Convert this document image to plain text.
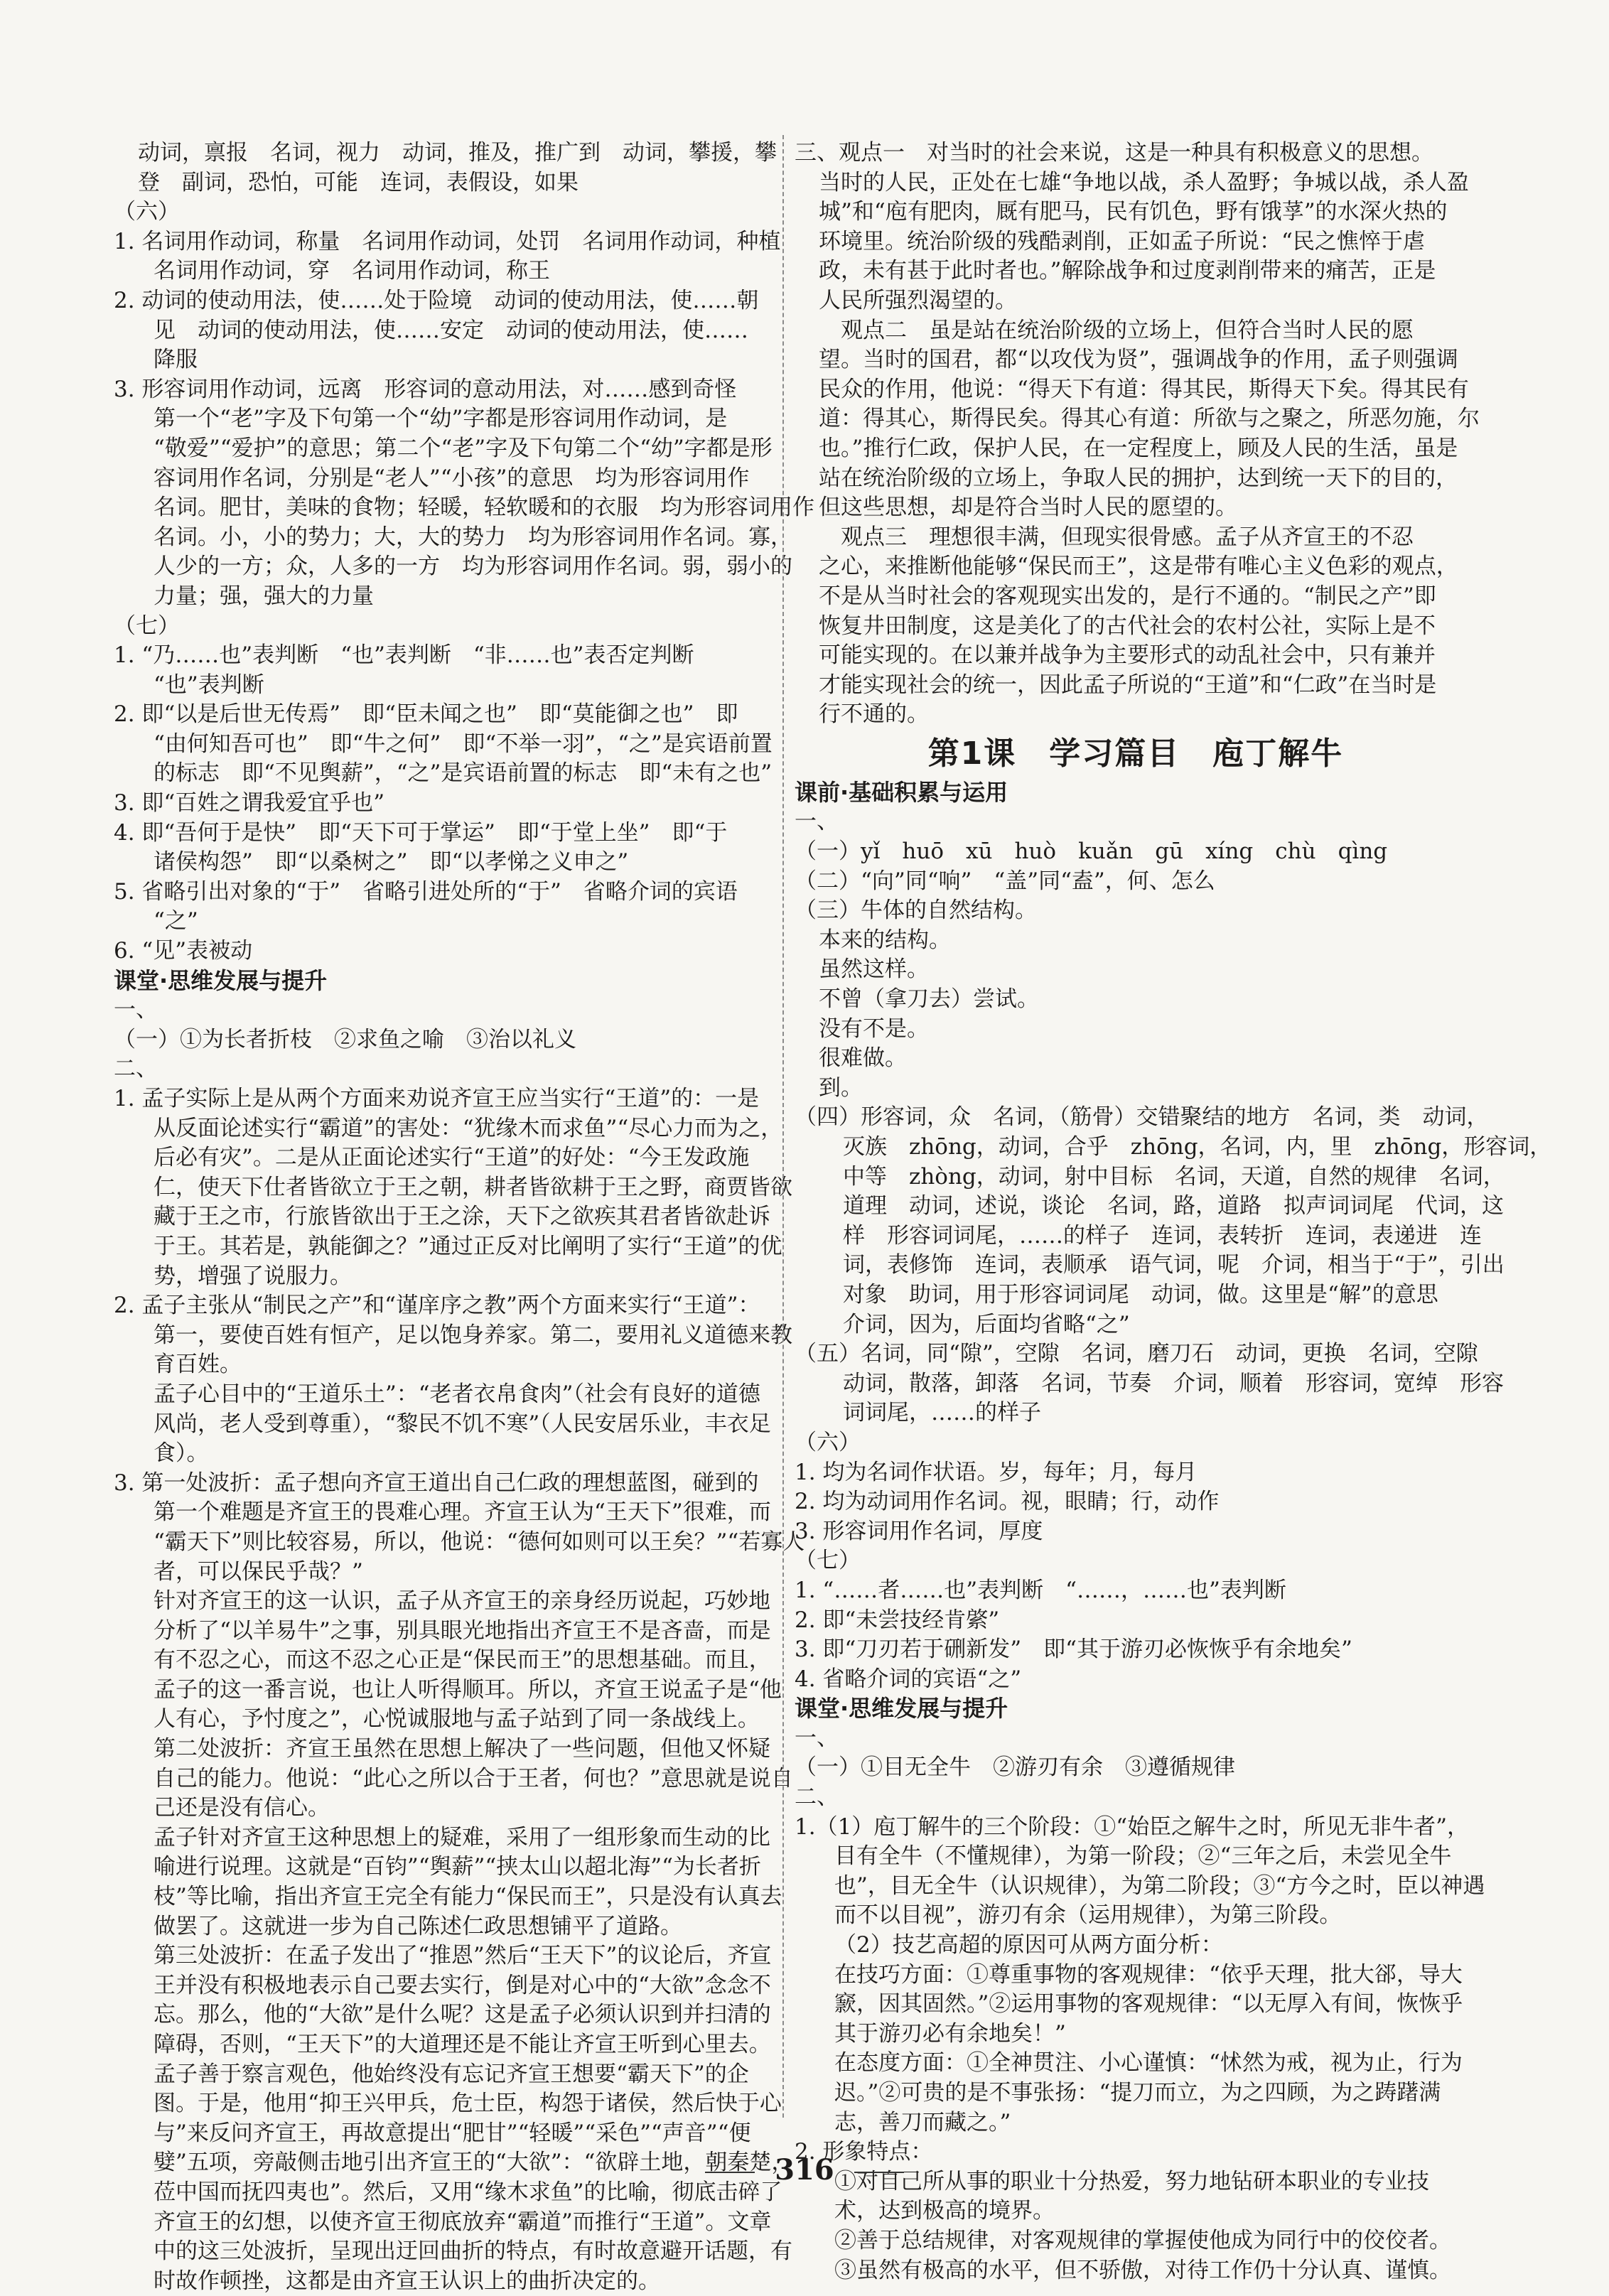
动词，禀报　名词，视力　动词，推及，推广到　动词，攀援，攀

登　副词，恐怕，可能　连词，表假设，如果

（六）

1. 名词用作动词，称量　名词用作动词，处罚　名词用作动词，种植

名词用作动词，穿　名词用作动词，称王

2. 动词的使动用法，使……处于险境　动词的使动用法，使……朝

见　动词的使动用法，使……安定　动词的使动用法，使……

降服

3. 形容词用作动词，远离　形容词的意动用法，对……感到奇怪

第一个“老”字及下句第一个“幼”字都是形容词用作动词，是

“敬爱”“爱护”的意思；第二个“老”字及下句第二个“幼”字都是形

容词用作名词，分别是“老人”“小孩”的意思　均为形容词用作

名词。肥甘，美味的食物；轻暖，轻软暖和的衣服　均为形容词用作

名词。小，小的势力；大，大的势力　均为形容词用作名词。寡，

人少的一方；众，人多的一方　均为形容词用作名词。弱，弱小的

力量；强，强大的力量

（七）

1. “乃……也”表判断　“也”表判断　“非……也”表否定判断

“也”表判断

2. 即“以是后世无传焉”　即“臣未闻之也”　即“莫能御之也”　即

“由何知吾可也”　即“牛之何”　即“不举一羽”，“之”是宾语前置

的标志　即“不见舆薪”，“之”是宾语前置的标志　即“未有之也”

3. 即“百姓之谓我爱宜乎也”

4. 即“吾何于是快”　即“天下可于掌运”　即“于堂上坐”　即“于

诸侯构怨”　即“以桑树之”　即“以孝悌之义申之”

5. 省略引出对象的“于”　省略引进处所的“于”　省略介词的宾语

“之”

6. “见”表被动

课堂·思维发展与提升

一、

（一）①为长者折枝　②求鱼之喻　③治以礼义

二、

1. 孟子实际上是从两个方面来劝说齐宣王应当实行“王道”的：一是

从反面论述实行“霸道”的害处：“犹缘木而求鱼”“尽心力而为之，

后必有灾”。二是从正面论述实行“王道”的好处：“今王发政施

仁，使天下仕者皆欲立于王之朝，耕者皆欲耕于王之野，商贾皆欲

藏于王之市，行旅皆欲出于王之涂，天下之欲疾其君者皆欲赴诉

于王。其若是，孰能御之？”通过正反对比阐明了实行“王道”的优

势，增强了说服力。

2. 孟子主张从“制民之产”和“谨庠序之教”两个方面来实行“王道”：

第一，要使百姓有恒产，足以饱身养家。第二，要用礼义道德来教

育百姓。

孟子心目中的“王道乐土”：“老者衣帛食肉”（社会有良好的道德

风尚，老人受到尊重），“黎民不饥不寒”（人民安居乐业，丰衣足

食）。

3. 第一处波折：孟子想向齐宣王道出自己仁政的理想蓝图，碰到的

第一个难题是齐宣王的畏难心理。齐宣王认为“王天下”很难，而

“霸天下”则比较容易，所以，他说：“德何如则可以王矣？”“若寡人

者，可以保民乎哉？”

针对齐宣王的这一认识，孟子从齐宣王的亲身经历说起，巧妙地

分析了“以羊易牛”之事，别具眼光地指出齐宣王不是吝啬，而是

有不忍之心，而这不忍之心正是“保民而王”的思想基础。而且，

孟子的这一番言说，也让人听得顺耳。所以，齐宣王说孟子是“他

人有心，予忖度之”，心悦诚服地与孟子站到了同一条战线上。

第二处波折：齐宣王虽然在思想上解决了一些问题，但他又怀疑

自己的能力。他说：“此心之所以合于王者，何也？”意思就是说自

己还是没有信心。

孟子针对齐宣王这种思想上的疑难，采用了一组形象而生动的比

喻进行说理。这就是“百钧”“舆薪”“挟太山以超北海”“为长者折

枝”等比喻，指出齐宣王完全有能力“保民而王”，只是没有认真去

做罢了。这就进一步为自己陈述仁政思想铺平了道路。

第三处波折：在孟子发出了“推恩”然后“王天下”的议论后，齐宣

王并没有积极地表示自己要去实行，倒是对心中的“大欲”念念不

忘。那么，他的“大欲”是什么呢？这是孟子必须认识到并扫清的

障碍，否则，“王天下”的大道理还是不能让齐宣王听到心里去。

孟子善于察言观色，他始终没有忘记齐宣王想要“霸天下”的企

图。于是，他用“抑王兴甲兵，危士臣，构怨于诸侯，然后快于心

与”来反问齐宣王，再故意提出“肥甘”“轻暖”“采色”“声音”“便

嬖”五项，旁敲侧击地引出齐宣王的“大欲”：“欲辟土地，朝秦楚，

莅中国而抚四夷也”。然后，又用“缘木求鱼”的比喻，彻底击碎了

齐宣王的幻想，以使齐宣王彻底放弃“霸道”而推行“王道”。文章

中的这三处波折，呈现出迂回曲折的特点，有时故意避开话题，有

时故作顿挫，这都是由齐宣王认识上的曲折决定的。

三、观点一　对当时的社会来说，这是一种具有积极意义的思想。

当时的人民，正处在七雄“争地以战，杀人盈野；争城以战，杀人盈

城”和“庖有肥肉，厩有肥马，民有饥色，野有饿莩”的水深火热的

环境里。统治阶级的残酷剥削，正如孟子所说：“民之憔悴于虐

政，未有甚于此时者也。”解除战争和过度剥削带来的痛苦，正是

人民所强烈渴望的。

　观点二　虽是站在统治阶级的立场上，但符合当时人民的愿

望。当时的国君，都“以攻伐为贤”，强调战争的作用，孟子则强调

民众的作用，他说：“得天下有道：得其民，斯得天下矣。得其民有

道：得其心，斯得民矣。得其心有道：所欲与之聚之，所恶勿施，尔

也。”推行仁政，保护人民，在一定程度上，顾及人民的生活，虽是

站在统治阶级的立场上，争取人民的拥护，达到统一天下的目的，

但这些思想，却是符合当时人民的愿望的。

　观点三　理想很丰满，但现实很骨感。孟子从齐宣王的不忍

之心，来推断他能够“保民而王”，这是带有唯心主义色彩的观点，

不是从当时社会的客观现实出发的，是行不通的。“制民之产”即

恢复井田制度，这是美化了的古代社会的农村公社，实际上是不

可能实现的。在以兼并战争为主要形式的动乱社会中，只有兼并

才能实现社会的统一，因此孟子所说的“王道”和“仁政”在当时是

行不通的。

第1课　学习篇目　庖丁解牛

课前·基础积累与运用

一、

（一）yǐ　huō　xū　huò　kuǎn　gū　xíng　chù　qìng

（二）“向”同“响”　“盖”同“盍”，何、怎么

（三）牛体的自然结构。

本来的结构。

虽然这样。

不曾（拿刀去）尝试。

没有不是。

很难做。

到。

（四）形容词，众　名词，（筋骨）交错聚结的地方　名词，类　动词，

灭族　zhōng，动词，合乎　zhōng，名词，内，里　zhōng，形容词，

中等　zhòng，动词，射中目标　名词，天道，自然的规律　名词，

道理　动词，述说，谈论　名词，路，道路　拟声词词尾　代词，这

样　形容词词尾，……的样子　连词，表转折　连词，表递进　连

词，表修饰　连词，表顺承　语气词，呢　介词，相当于“于”，引出

对象　助词，用于形容词词尾　动词，做。这里是“解”的意思

介词，因为，后面均省略“之”

（五）名词，同“隙”，空隙　名词，磨刀石　动词，更换　名词，空隙

动词，散落，卸落　名词，节奏　介词，顺着　形容词，宽绰　形容

词词尾，……的样子

（六）

1. 均为名词作状语。岁，每年；月，每月

2. 均为动词用作名词。视，眼睛；行，动作

3. 形容词用作名词，厚度

（七）

1. “……者……也”表判断　“……，……也”表判断

2. 即“未尝技经肯綮”

3. 即“刀刃若于硎新发”　即“其于游刃必恢恢乎有余地矣”

4. 省略介词的宾语“之”

课堂·思维发展与提升

一、

（一）①目无全牛　②游刃有余　③遵循规律

二、

1.（1）庖丁解牛的三个阶段：①“始臣之解牛之时，所见无非牛者”，

目有全牛（不懂规律），为第一阶段；②“三年之后，未尝见全牛

也”，目无全牛（认识规律），为第二阶段；③“方今之时，臣以神遇

而不以目视”，游刃有余（运用规律），为第三阶段。

（2）技艺高超的原因可从两方面分析：

在技巧方面：①尊重事物的客观规律：“依乎天理，批大郤，导大

窾，因其固然。”②运用事物的客观规律：“以无厚入有间，恢恢乎

其于游刃必有余地矣！”

在态度方面：①全神贯注、小心谨慎：“怵然为戒，视为止，行为

迟。”②可贵的是不事张扬：“提刀而立，为之四顾，为之踌躇满

志，善刀而藏之。”

2. 形象特点：

①对自己所从事的职业十分热爱，努力地钻研本职业的专业技

术，达到极高的境界。

②善于总结规律，对客观规律的掌握使他成为同行中的佼佼者。

③虽然有极高的水平，但不骄傲，对待工作仍十分认真、谨慎。

316
